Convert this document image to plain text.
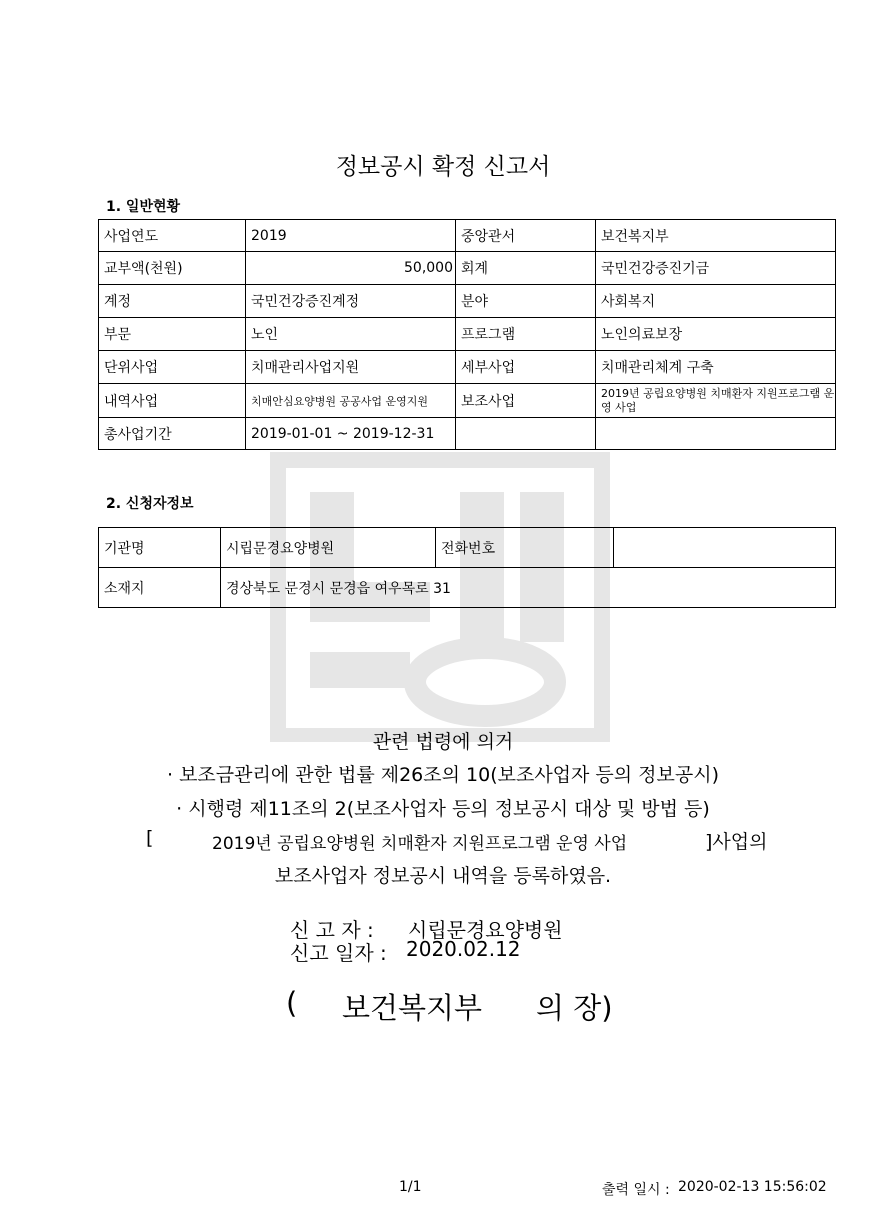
정보공시 확정 신고서
1. 일반현황
사업연도	2019	중앙관서	보건복지부
교부액(천원)	50,000	회계	국민건강증진기금
계정	국민건강증진계정	분야	사회복지
부문	노인	프로그램	노인의료보장
단위사업	치매관리사업지원	세부사업	치매관리체계 구축
내역사업	치매안심요양병원 공공사업 운영지원	보조사업	2019년 공립요양병원 치매환자 지원프로그램 운영 사업
총사업기간	2019-01-01 ~ 2019-12-31		
2. 신청자정보
기관명	시립문경요양병원	전화번호	
소재지	경상북도 문경시 문경읍 여우목로 31		
관련 법령에 의거
· 보조금관리에 관한 법률 제26조의 10(보조사업자 등의 정보공시)
· 시행령 제11조의 2(보조사업자 등의 정보공시 대상 및 방법 등)
[	2019년 공립요양병원 치매환자 지원프로그램 운영 사업	]사업의
보조사업자 정보공시 내역을 등록하였음.
신 고 자 : 시립문경요양병원
신고 일자 : 2020.02.12
( 보건복지부 의 장)
1/1	출력 일시 : 2020-02-13 15:56:02
